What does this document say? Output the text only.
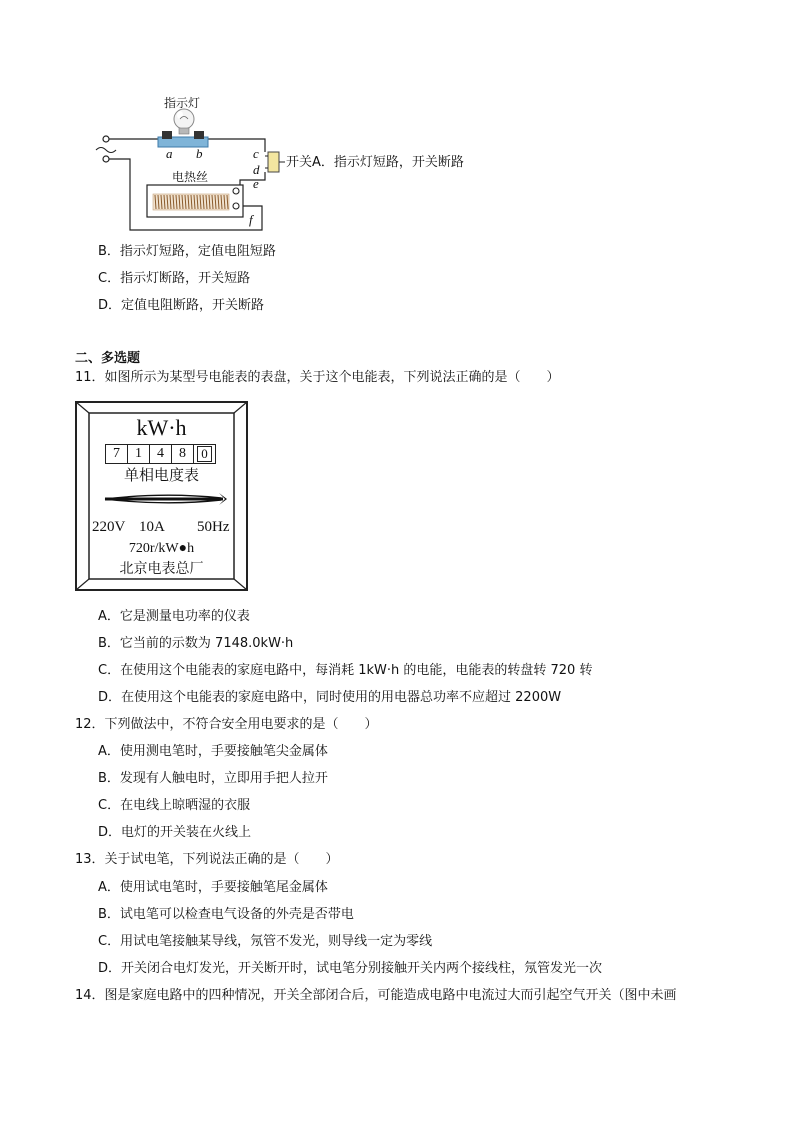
指示灯
电热丝
a b	c
d
e
f
开关A．指示灯短路，开关断路
B．指示灯短路，定值电阻短路
C．指示灯断路，开关短路
D．定值电阻断路，开关断路
二、多选题
11．如图所示为某型号电能表的表盘，关于这个电能表，下列说法正确的是（　　）
kW·h
7	1	4	8	0
单相电度表
220V 10A 50Hz
720r/kW●h
北京电表总厂
A．它是测量电功率的仪表
B．它当前的示数为 7148.0kW·h
C．在使用这个电能表的家庭电路中，每消耗 1kW·h 的电能，电能表的转盘转 720 转
D．在使用这个电能表的家庭电路中，同时使用的用电器总功率不应超过 2200W
12．下列做法中，不符合安全用电要求的是（　　）
A．使用测电笔时，手要接触笔尖金属体
B．发现有人触电时，立即用手把人拉开
C．在电线上晾晒湿的衣服
D．电灯的开关装在火线上
13．关于试电笔，下列说法正确的是（　　）
A．使用试电笔时，手要接触笔尾金属体
B．试电笔可以检查电气设备的外壳是否带电
C．用试电笔接触某导线，氖管不发光，则导线一定为零线
D．开关闭合电灯发光，开关断开时，试电笔分别接触开关内两个接线柱，氖管发光一次
14．图是家庭电路中的四种情况，开关全部闭合后，可能造成电路中电流过大而引起空气开关（图中未画
